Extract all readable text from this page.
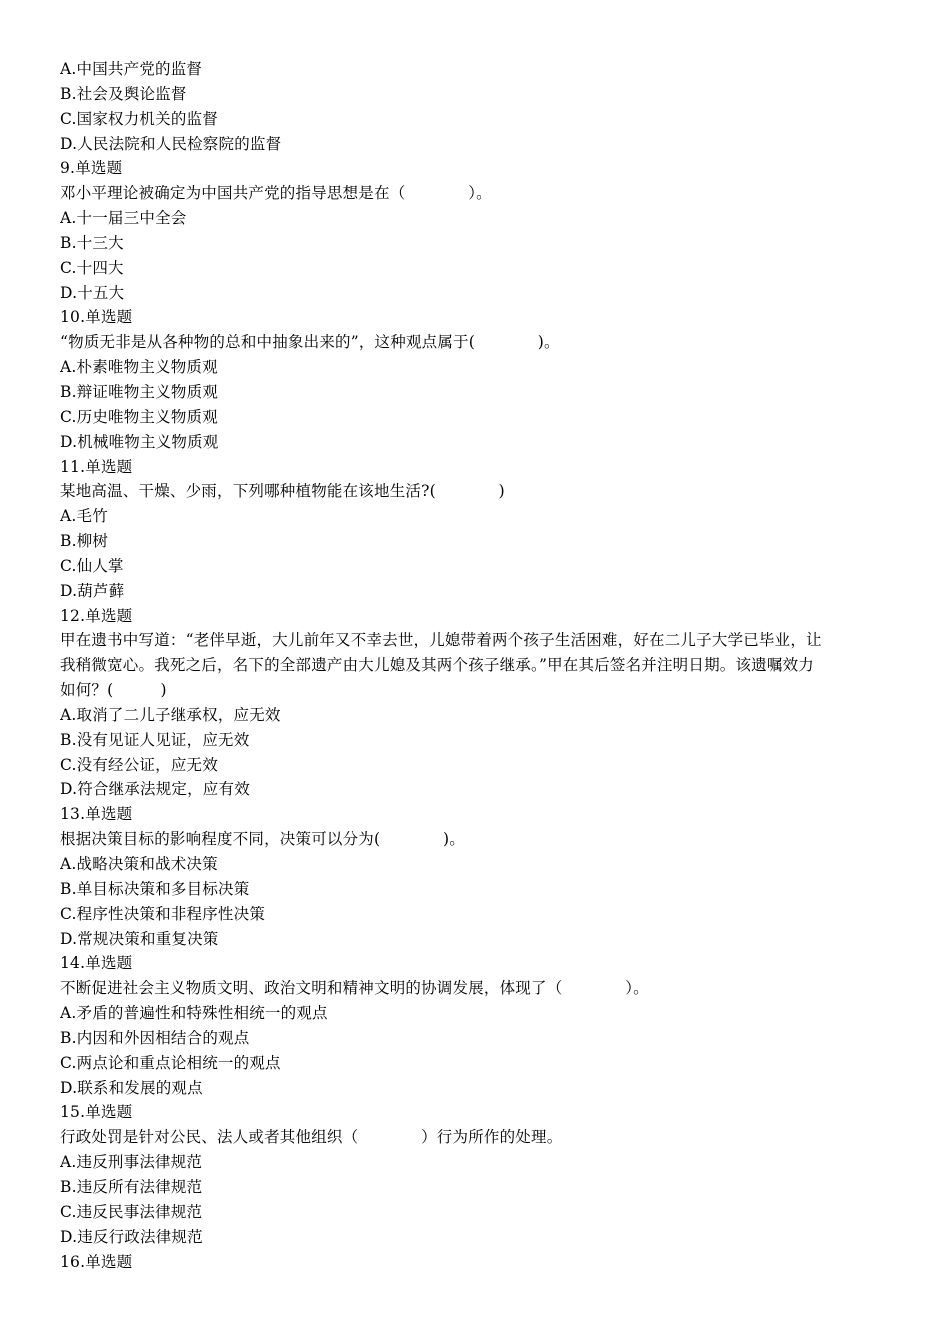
A.中国共产党的监督
B.社会及舆论监督
C.国家权力机关的监督
D.人民法院和人民检察院的监督
9.单选题
邓小平理论被确定为中国共产党的指导思想是在（　　　　）。
A.十一届三中全会
B.十三大
C.十四大
D.十五大
10.单选题
“物质无非是从各种物的总和中抽象出来的”，这种观点属于(　　　　)。
A.朴素唯物主义物质观
B.辩证唯物主义物质观
C.历史唯物主义物质观
D.机械唯物主义物质观
11.单选题
某地高温、干燥、少雨，下列哪种植物能在该地生活?(　　　　)
A.毛竹
B.柳树
C.仙人掌
D.葫芦藓
12.单选题
甲在遗书中写道：“老伴早逝，大儿前年又不幸去世，儿媳带着两个孩子生活困难，好在二儿子大学已毕业，让
我稍微宽心。我死之后，名下的全部遗产由大儿媳及其两个孩子继承。”甲在其后签名并注明日期。该遗嘱效力
如何？(　　　)
A.取消了二儿子继承权，应无效
B.没有见证人见证，应无效
C.没有经公证，应无效
D.符合继承法规定，应有效
13.单选题
根据决策目标的影响程度不同，决策可以分为(　　　　)。
A.战略决策和战术决策
B.单目标决策和多目标决策
C.程序性决策和非程序性决策
D.常规决策和重复决策
14.单选题
不断促进社会主义物质文明、政治文明和精神文明的协调发展，体现了（　　　　）。
A.矛盾的普遍性和特殊性相统一的观点
B.内因和外因相结合的观点
C.两点论和重点论相统一的观点
D.联系和发展的观点
15.单选题
行政处罚是针对公民、法人或者其他组织（　　　　）行为所作的处理。
A.违反刑事法律规范
B.违反所有法律规范
C.违反民事法律规范
D.违反行政法律规范
16.单选题
